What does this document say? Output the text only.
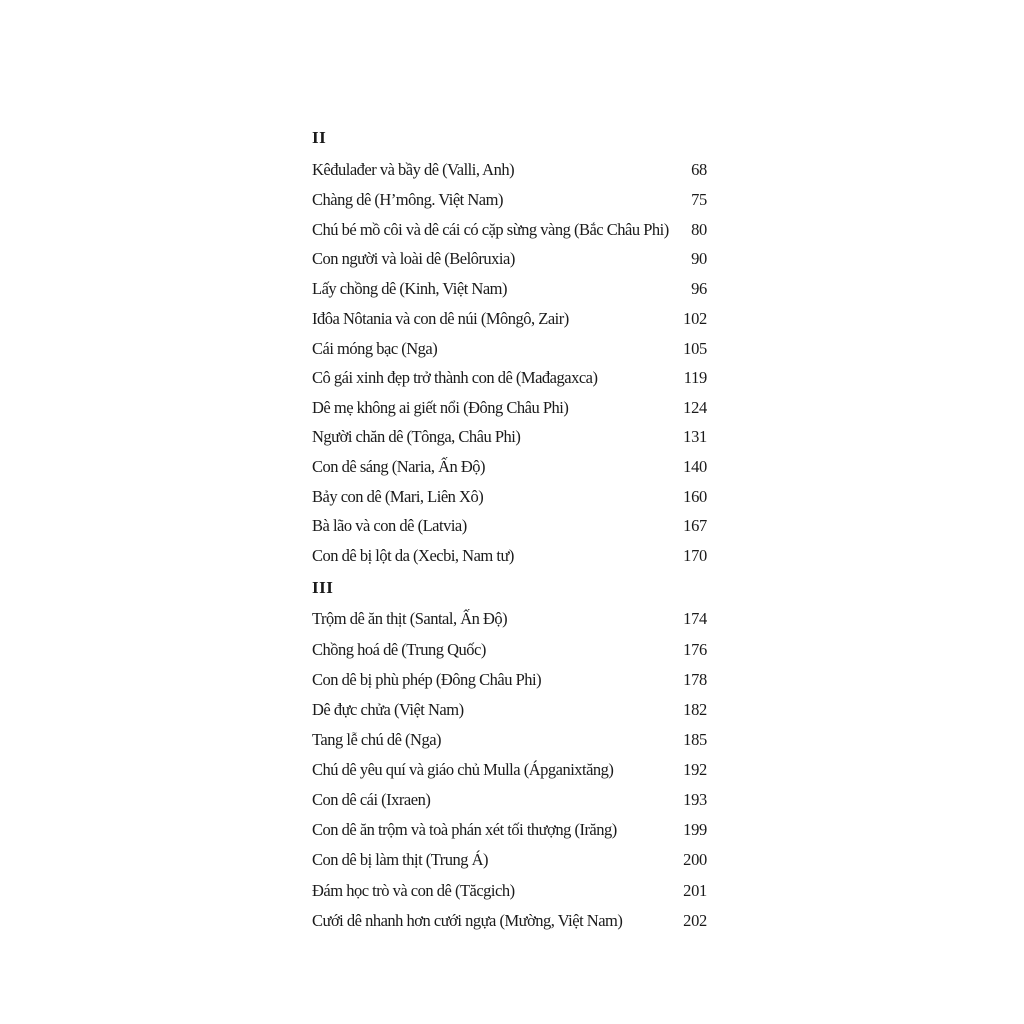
II
Kêđulađer và bầy dê (Valli, Anh)	68
Chàng dê (H’mông. Việt Nam)	75
Chú bé mồ côi và dê cái có cặp sừng vàng (Bắc Châu Phi) 80
Con người và loài dê (Belôruxia)	90
Lấy chồng dê (Kinh, Việt Nam)	96
Iđôa Nôtania và con dê núi (Môngô, Zair)	102
Cái móng bạc (Nga)	105
Cô gái xinh đẹp trở thành con dê (Mađagaxca)	119
Dê mẹ không ai giết nổi (Đông Châu Phi)	124
Người chăn dê (Tônga, Châu Phi)	131
Con dê sáng (Naria, Ấn Độ)	140
Bảy con dê (Mari, Liên Xô)	160
Bà lão và con dê (Latvia)	167
Con dê bị lột da (Xecbi, Nam tư)	170
III
Trộm dê ăn thịt (Santal, Ấn Độ)	174
Chồng hoá dê (Trung Quốc)	176
Con dê bị phù phép (Đông Châu Phi)	178
Dê đực chửa (Việt Nam)	182
Tang lễ chú dê (Nga)	185
Chú dê yêu quí và giáo chủ Mulla (Ápganixtăng)	192
Con dê cái (Ixraen)	193
Con dê ăn trộm và toà phán xét tối thượng (Irăng)	199
Con dê bị làm thịt (Trung Á)	200
Đám học trò và con dê (Tăcgich)	201
Cưới dê nhanh hơn cưới ngựa (Mường, Việt Nam)	202
